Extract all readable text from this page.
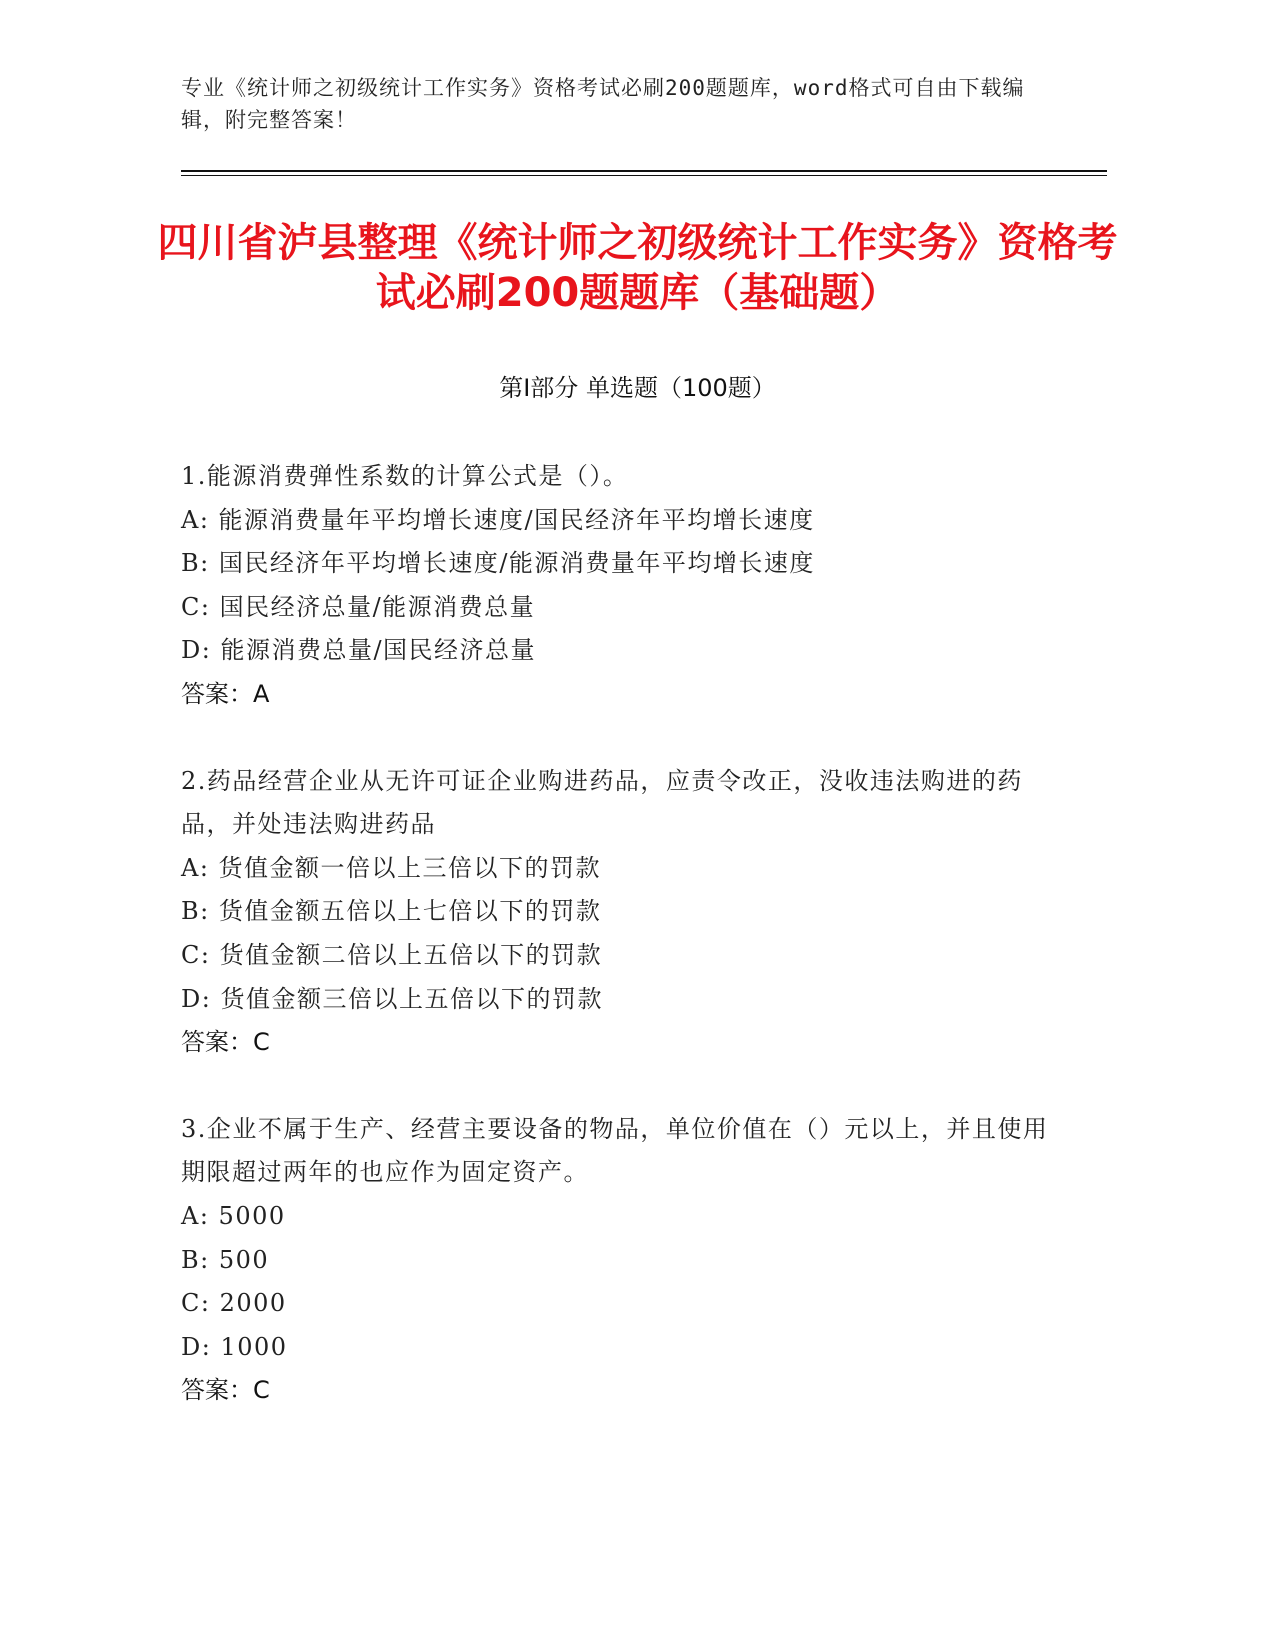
专业《统计师之初级统计工作实务》资格考试必刷200题题库，word格式可自由下载编辑，附完整答案！
四川省泸县整理《统计师之初级统计工作实务》资格考试必刷200题题库（基础题）
第Ⅰ部分 单选题（100题）
1.能源消费弹性系数的计算公式是（）。
A: 能源消费量年平均增长速度/国民经济年平均增长速度
B: 国民经济年平均增长速度/能源消费量年平均增长速度
C: 国民经济总量/能源消费总量
D: 能源消费总量/国民经济总量
答案：A
2.药品经营企业从无许可证企业购进药品，应责令改正，没收违法购进的药品，并处违法购进药品
A: 货值金额一倍以上三倍以下的罚款
B: 货值金额五倍以上七倍以下的罚款
C: 货值金额二倍以上五倍以下的罚款
D: 货值金额三倍以上五倍以下的罚款
答案：C
3.企业不属于生产、经营主要设备的物品，单位价值在（）元以上，并且使用期限超过两年的也应作为固定资产。
A: 5000
B: 500
C: 2000
D: 1000
答案：C
